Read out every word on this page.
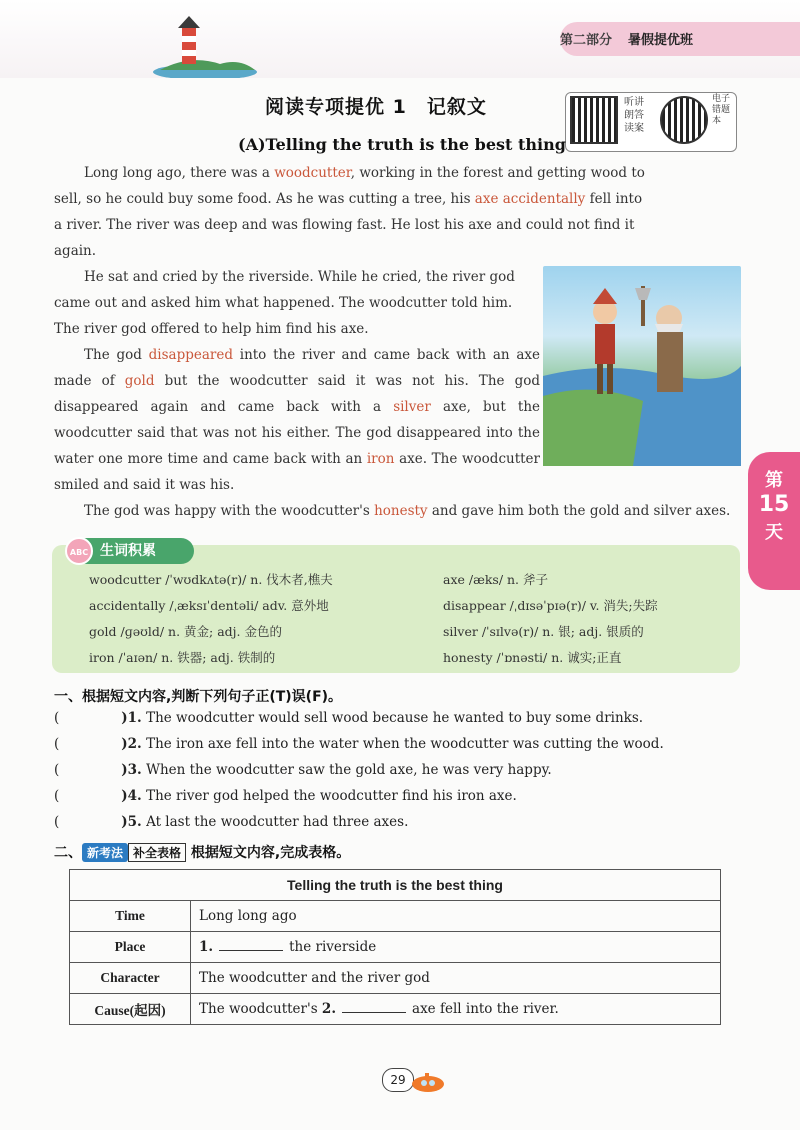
第二部分 暑假提优班
阅读专项提优 1　记叙文	听讲朗答读案
电子错题本
(A)Telling the truth is the best thing

Long long ago, there was a woodcutter, working in the forest and getting wood to sell, so he could buy some food. As he was cutting a tree, his axe accidentally fell into a river. The river was deep and was flowing fast. He lost his axe and could not find it again.

He sat and cried by the riverside. While he cried, the river god came out and asked him what happened. The woodcutter told him. The river god offered to help him find his axe.

The god disappeared into the river and came back with an axe made of gold but the woodcutter said it was not his. The god disappeared again and came back with a silver axe, but the woodcutter said that was not his either. The god disappeared into the water one more time and came back with an iron axe. The woodcutter smiled and said it was his.

The god was happy with the woodcutter's honesty and gave him both the gold and silver axes.

ABC 生词积累
woodcutter /ˈwʊdkʌtə(r)/ n. 伐木者,樵夫	axe /æks/ n. 斧子
accidentally /ˌæksɪˈdentəli/ adv. 意外地	disappear /ˌdɪsəˈpɪə(r)/ v. 消失;失踪
gold /ɡəʊld/ n. 黄金; adj. 金色的	silver /ˈsɪlvə(r)/ n. 银; adj. 银质的
iron /ˈaɪən/ n. 铁器; adj. 铁制的	honesty /ˈɒnəsti/ n. 诚实;正直
一、根据短文内容,判断下列句子正(T)误(F)。
(	)1. The woodcutter would sell wood because he wanted to buy some drinks.
(	)2. The iron axe fell into the water when the woodcutter was cutting the wood.
(	)3. When the woodcutter saw the gold axe, he was very happy.
(	)4. The river god helped the woodcutter find his iron axe.
(	)5. At last the woodcutter had three axes.
二、 新考法 补全表格 根据短文内容,完成表格。
Telling the truth is the best thing	
Time	Long long ago
Place	1. the riverside
Character	The woodcutter and the river god
Cause(起因)	The woodcutter's 2. axe fell into the river.
第
15
天
29
